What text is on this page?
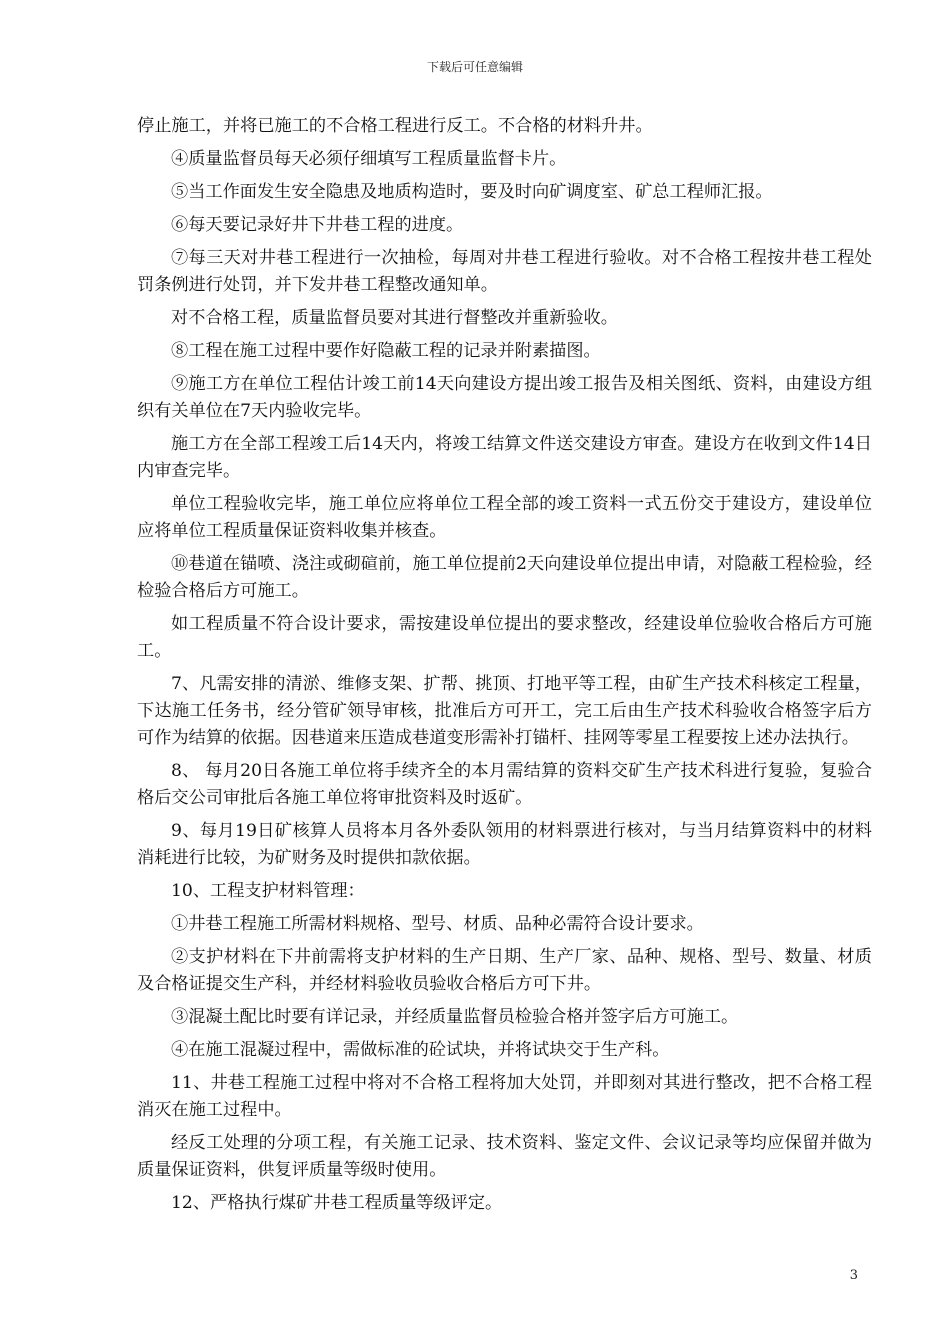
下载后可任意编辑

停止施工，并将已施工的不合格工程进行反工。不合格的材料升井。

④质量监督员每天必须仔细填写工程质量监督卡片。

⑤当工作面发生安全隐患及地质构造时，要及时向矿调度室、矿总工程师汇报。

⑥每天要记录好井下井巷工程的进度。

⑦每三天对井巷工程进行一次抽检，每周对井巷工程进行验收。对不合格工程按井巷工程处罚条例进行处罚，并下发井巷工程整改通知单。

对不合格工程，质量监督员要对其进行督整改并重新验收。

⑧工程在施工过程中要作好隐蔽工程的记录并附素描图。

⑨施工方在单位工程估计竣工前14天向建设方提出竣工报告及相关图纸、资料，由建设方组织有关单位在7天内验收完毕。

施工方在全部工程竣工后14天内，将竣工结算文件送交建设方审查。建设方在收到文件14日内审查完毕。

单位工程验收完毕，施工单位应将单位工程全部的竣工资料一式五份交于建设方，建设单位应将单位工程质量保证资料收集并核查。

⑩巷道在锚喷、浇注或砌碹前，施工单位提前2天向建设单位提出申请，对隐蔽工程检验，经检验合格后方可施工。

如工程质量不符合设计要求，需按建设单位提出的要求整改，经建设单位验收合格后方可施工。

7、凡需安排的清淤、维修支架、扩帮、挑顶、打地平等工程，由矿生产技术科核定工程量，下达施工任务书，经分管矿领导审核，批准后方可开工，完工后由生产技术科验收合格签字后方可作为结算的依据。因巷道来压造成巷道变形需补打锚杆、挂网等零星工程要按上述办法执行。

8、 每月20日各施工单位将手续齐全的本月需结算的资料交矿生产技术科进行复验，复验合格后交公司审批后各施工单位将审批资料及时返矿。

9、每月19日矿核算人员将本月各外委队领用的材料票进行核对，与当月结算资料中的材料消耗进行比较，为矿财务及时提供扣款依据。

10、工程支护材料管理：

①井巷工程施工所需材料规格、型号、材质、品种必需符合设计要求。

②支护材料在下井前需将支护材料的生产日期、生产厂家、品种、规格、型号、数量、材质及合格证提交生产科，并经材料验收员验收合格后方可下井。

③混凝土配比时要有详记录，并经质量监督员检验合格并签字后方可施工。

④在施工混凝过程中，需做标准的砼试块，并将试块交于生产科。

11、井巷工程施工过程中将对不合格工程将加大处罚，并即刻对其进行整改，把不合格工程消灭在施工过程中。

经反工处理的分项工程，有关施工记录、技术资料、鉴定文件、会议记录等均应保留并做为质量保证资料，供复评质量等级时使用。

12、严格执行煤矿井巷工程质量等级评定。

3
